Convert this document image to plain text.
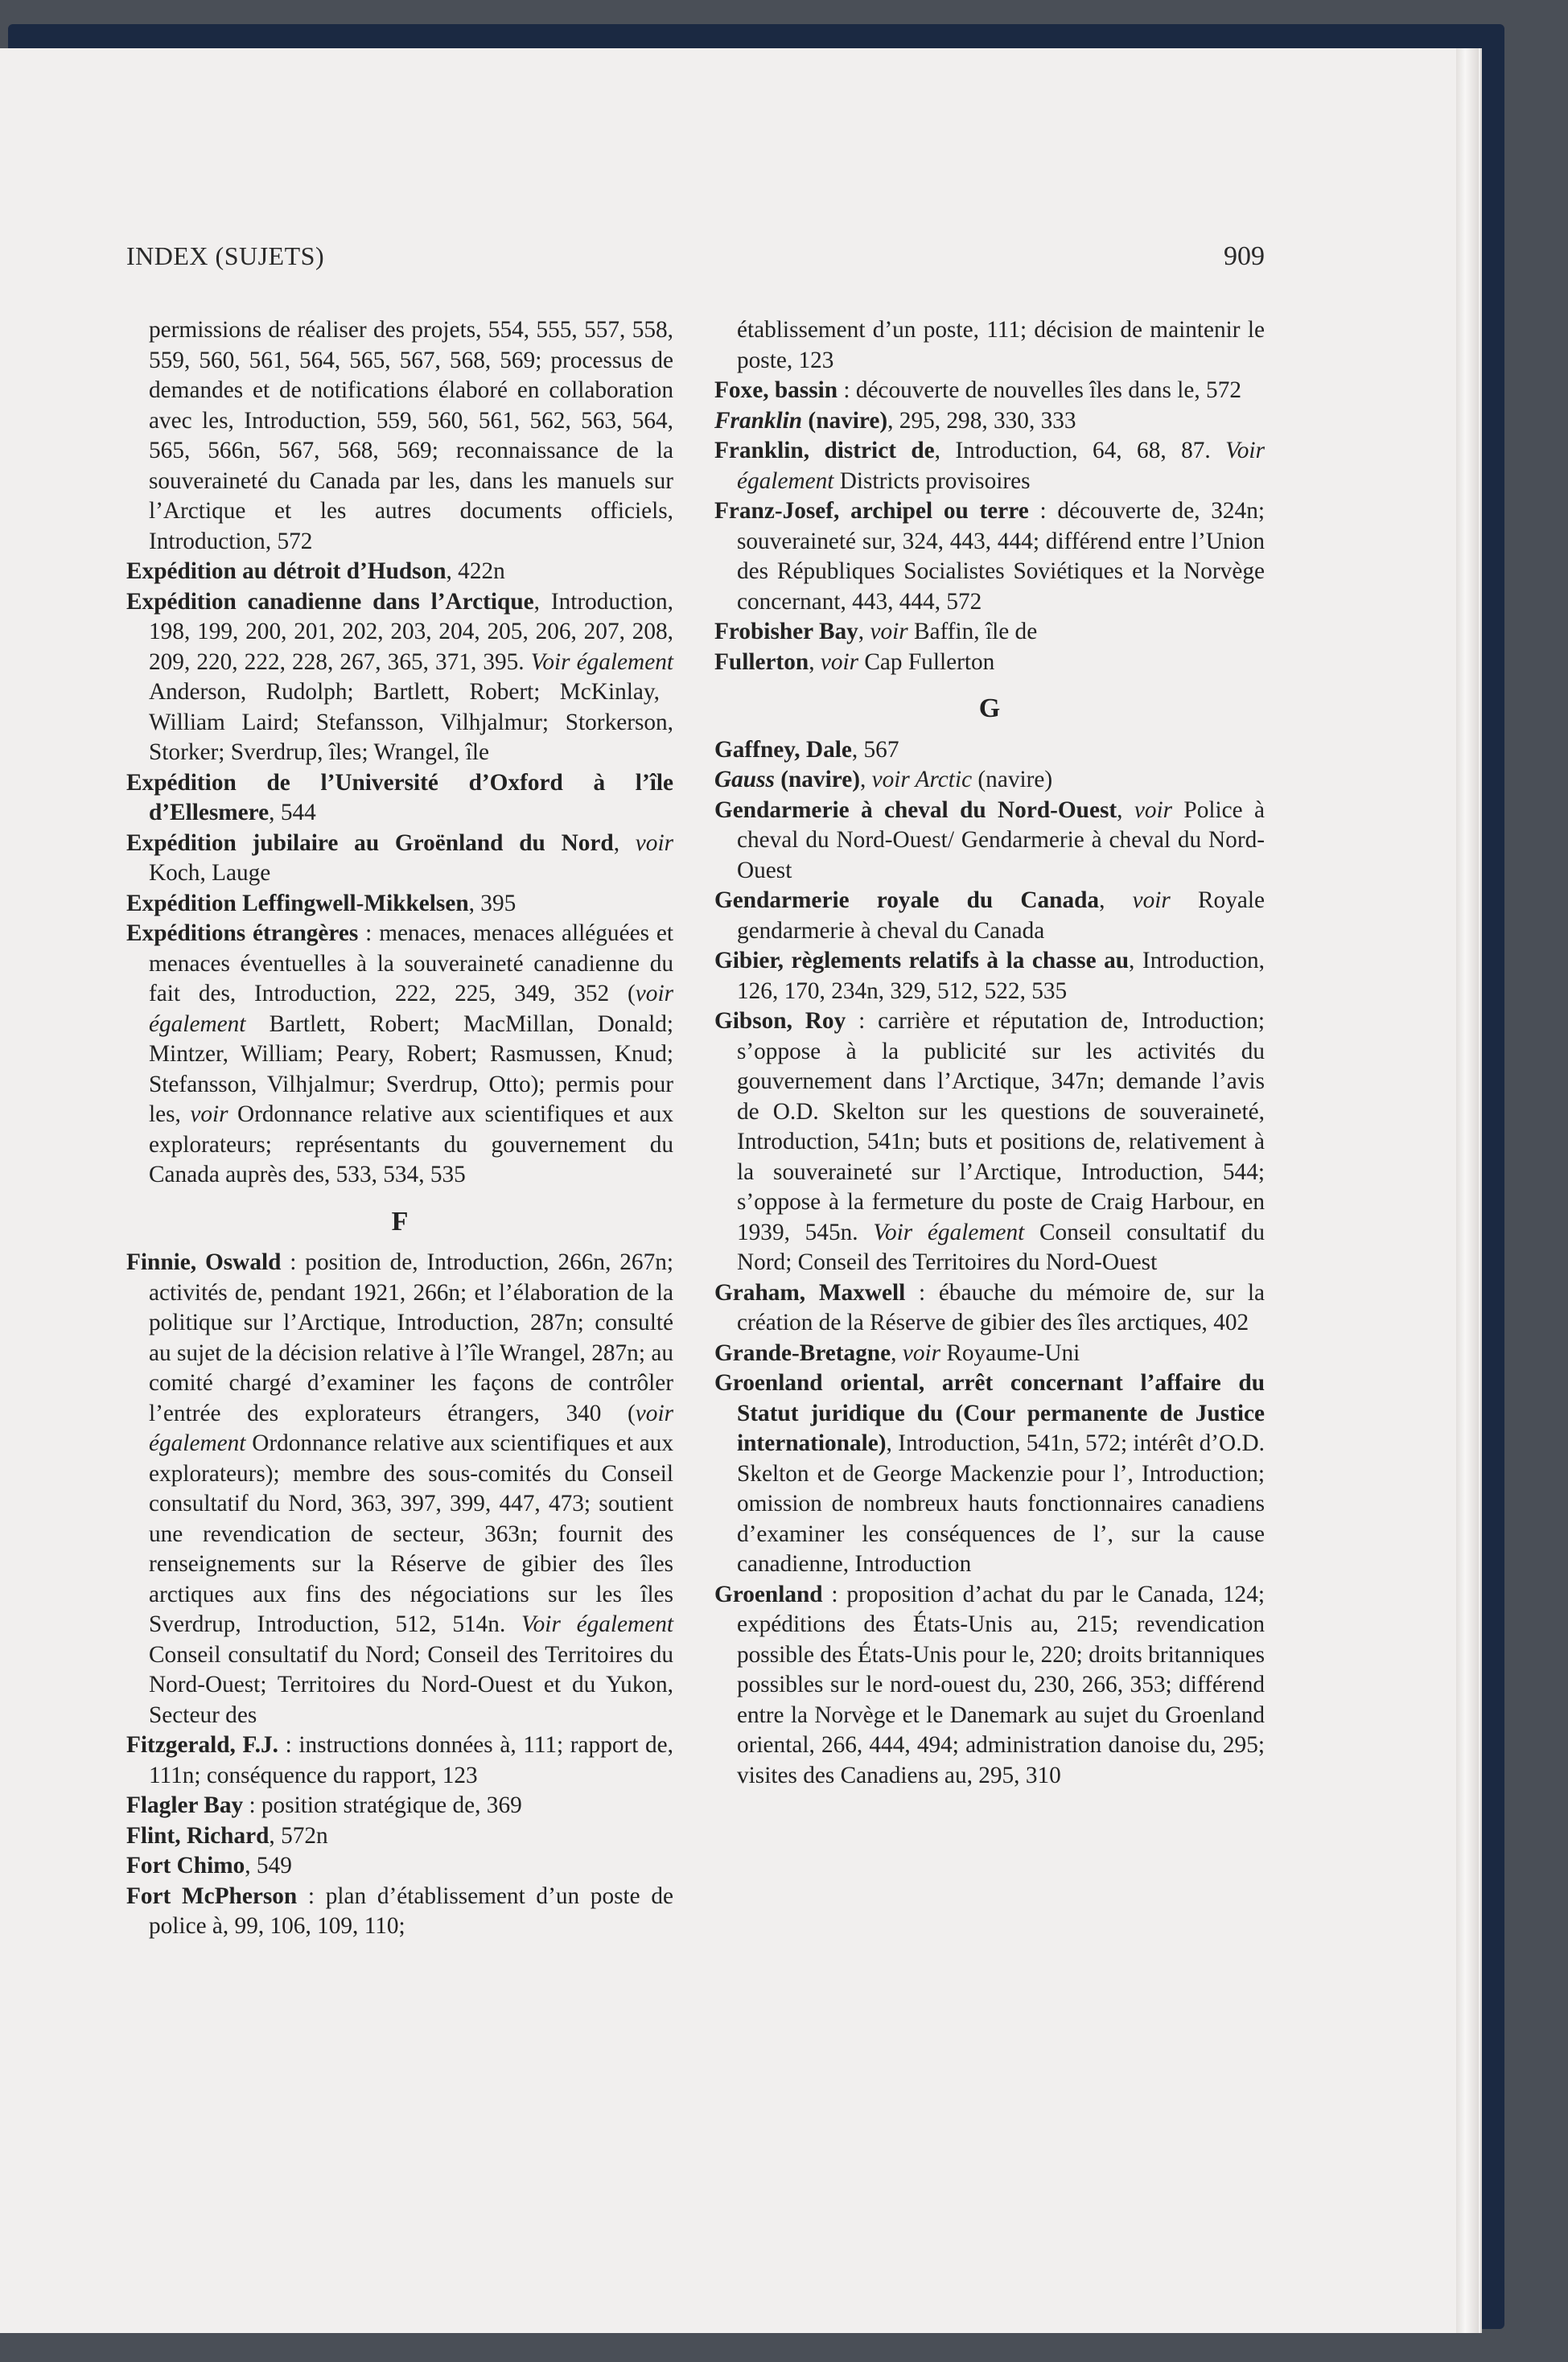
INDEX (SUJETS)	909

permissions de réaliser des projets, 554, 555, 557, 558, 559, 560, 561, 564, 565, 567, 568, 569; processus de demandes et de notifications élaboré en collaboration avec les, Introduction, 559, 560, 561, 562, 563, 564, 565, 566n, 567, 568, 569; reconnaissance de la souveraineté du Canada par les, dans les manuels sur l’Arctique et les autres documents officiels, Introduction, 572

Expédition au détroit d’Hudson, 422n

Expédition canadienne dans l’Arctique, Introduction, 198, 199, 200, 201, 202, 203, 204, 205, 206, 207, 208, 209, 220, 222, 228, 267, 365, 371, 395. Voir également Anderson, Rudolph; Bartlett, Robert; McKinlay, William Laird; Stefansson, Vilhjalmur; Storkerson, Storker; Sverdrup, îles; Wrangel, île

Expédition de l’Université d’Oxford à l’île d’Ellesmere, 544

Expédition jubilaire au Groënland du Nord, voir Koch, Lauge

Expédition Leffingwell-Mikkelsen, 395

Expéditions étrangères : menaces, menaces alléguées et menaces éventuelles à la souveraineté canadienne du fait des, Introduction, 222, 225, 349, 352 (voir également Bartlett, Robert; MacMillan, Donald; Mintzer, William; Peary, Robert; Rasmussen, Knud; Stefansson, Vilhjalmur; Sverdrup, Otto); permis pour les, voir Ordonnance relative aux scientifiques et aux explorateurs; représentants du gouvernement du Canada auprès des, 533, 534, 535

F

Finnie, Oswald : position de, Introduction, 266n, 267n; activités de, pendant 1921, 266n; et l’élaboration de la politique sur l’Arctique, Introduction, 287n; consulté au sujet de la décision relative à l’île Wrangel, 287n; au comité chargé d’examiner les façons de contrôler l’entrée des explorateurs étrangers, 340 (voir également Ordonnance relative aux scientifiques et aux explorateurs); membre des sous-comités du Conseil consultatif du Nord, 363, 397, 399, 447, 473; soutient une revendication de secteur, 363n; fournit des renseignements sur la Réserve de gibier des îles arctiques aux fins des négociations sur les îles Sverdrup, Introduction, 512, 514n. Voir également Conseil consultatif du Nord; Conseil des Territoires du Nord-Ouest; Territoires du Nord-Ouest et du Yukon, Secteur des

Fitzgerald, F.J. : instructions données à, 111; rapport de, 111n; conséquence du rapport, 123

Flagler Bay : position stratégique de, 369

Flint, Richard, 572n

Fort Chimo, 549

Fort McPherson : plan d’établissement d’un poste de police à, 99, 106, 109, 110;

établissement d’un poste, 111; décision de maintenir le poste, 123

Foxe, bassin : découverte de nouvelles îles dans le, 572

Franklin (navire), 295, 298, 330, 333

Franklin, district de, Introduction, 64, 68, 87. Voir également Districts provisoires

Franz-Josef, archipel ou terre : découverte de, 324n; souveraineté sur, 324, 443, 444; différend entre l’Union des Républiques Socialistes Soviétiques et la Norvège concernant, 443, 444, 572

Frobisher Bay, voir Baffin, île de

Fullerton, voir Cap Fullerton

G

Gaffney, Dale, 567

Gauss (navire), voir Arctic (navire)

Gendarmerie à cheval du Nord-Ouest, voir Police à cheval du Nord-Ouest/ Gendarmerie à cheval du Nord-Ouest

Gendarmerie royale du Canada, voir Royale gendarmerie à cheval du Canada

Gibier, règlements relatifs à la chasse au, Introduction, 126, 170, 234n, 329, 512, 522, 535

Gibson, Roy : carrière et réputation de, Introduction; s’oppose à la publicité sur les activités du gouvernement dans l’Arctique, 347n; demande l’avis de O.D. Skelton sur les questions de souveraineté, Introduction, 541n; buts et positions de, relativement à la souveraineté sur l’Arctique, Introduction, 544; s’oppose à la fermeture du poste de Craig Harbour, en 1939, 545n. Voir également Conseil consultatif du Nord; Conseil des Territoires du Nord-Ouest

Graham, Maxwell : ébauche du mémoire de, sur la création de la Réserve de gibier des îles arctiques, 402

Grande-Bretagne, voir Royaume-Uni

Groenland oriental, arrêt concernant l’affaire du Statut juridique du (Cour permanente de Justice internationale), Introduction, 541n, 572; intérêt d’O.D. Skelton et de George Mackenzie pour l’, Introduction; omission de nombreux hauts fonctionnaires canadiens d’examiner les conséquences de l’, sur la cause canadienne, Introduction

Groenland : proposition d’achat du par le Canada, 124; expéditions des États-Unis au, 215; revendication possible des États-Unis pour le, 220; droits britanniques possibles sur le nord-ouest du, 230, 266, 353; différend entre la Norvège et le Danemark au sujet du Groenland oriental, 266, 444, 494; administration danoise du, 295; visites des Canadiens au, 295, 310
